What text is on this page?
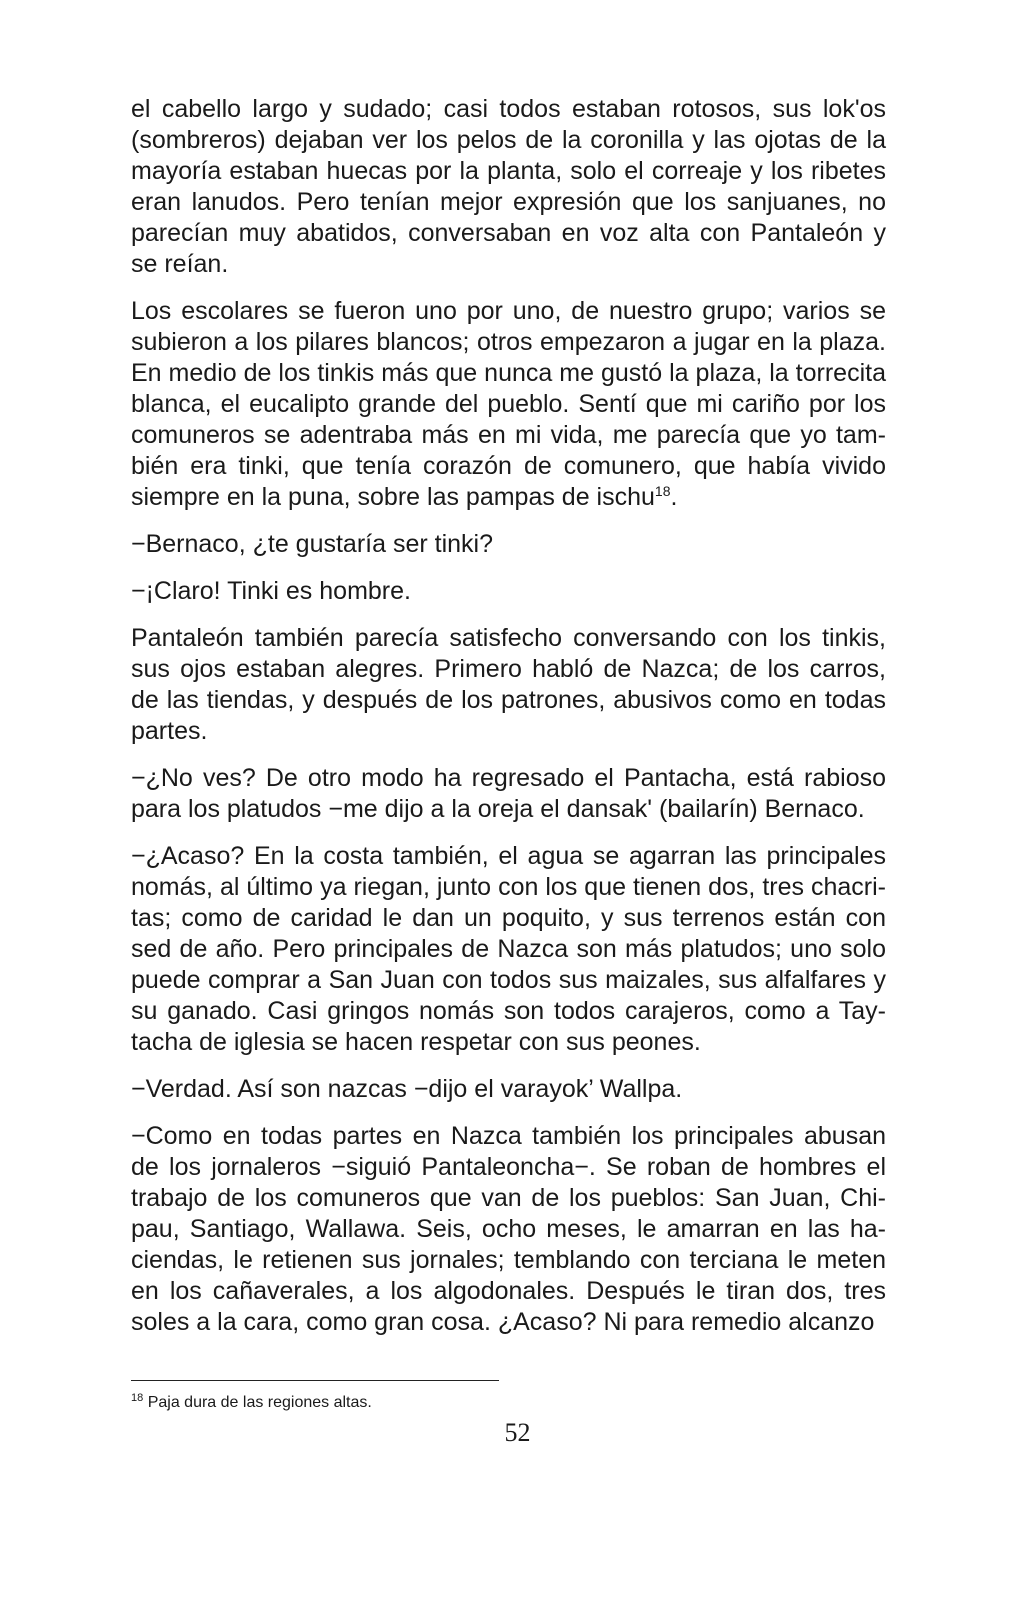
el cabello largo y sudado; casi todos estaban rotosos, sus lok'os (sombreros) dejaban ver los pelos de la coronilla y las ojotas de la mayoría estaban huecas por la planta, solo el correaje y los ribetes eran lanudos. Pero tenían mejor expresión que los sanjuanes, no parecían muy abatidos, conversaban en voz alta con Pantaleón y se reían.

Los escolares se fueron uno por uno, de nuestro grupo; varios se subieron a los pilares blancos; otros empezaron a jugar en la plaza. En medio de los tinkis más que nunca me gustó la plaza, la torrecita blanca, el eucalipto grande del pueblo. Sentí que mi cariño por los comuneros se adentraba más en mi vida, me parecía que yo también era tinki, que tenía corazón de comunero, que había vivido siempre en la puna, sobre las pampas de ischu$^{18}$.

−Bernaco, ¿te gustaría ser tinki?

−¡Claro! Tinki es hombre.

Pantaleón también parecía satisfecho conversando con los tinkis, sus ojos estaban alegres. Primero habló de Nazca; de los carros, de las tiendas, y después de los patrones, abusivos como en todas partes.

−¿No ves? De otro modo ha regresado el Pantacha, está rabioso para los platudos −me dijo a la oreja el dansak' (bailarín) Bernaco.

−¿Acaso? En la costa también, el agua se agarran las principales nomás, al último ya riegan, junto con los que tienen dos, tres chacritas; como de caridad le dan un poquito, y sus terrenos están con sed de año. Pero principales de Nazca son más platudos; uno solo puede comprar a San Juan con todos sus maizales, sus alfalfares y su ganado. Casi gringos nomás son todos carajeros, como a Taytacha de iglesia se hacen respetar con sus peones.

−Verdad. Así son nazcas −dijo el varayok’ Wallpa.

−Como en todas partes en Nazca también los principales abusan de los jornaleros −siguió Pantaleoncha−. Se roban de hombres el trabajo de los comuneros que van de los pueblos: San Juan, Chipau, Santiago, Wallawa. Seis, ocho meses, le amarran en las haciendas, le retienen sus jornales; temblando con terciana le meten en los cañaverales, a los algodonales. Después le tiran dos, tres soles a la cara, como gran cosa. ¿Acaso? Ni para remedio alcanzo

$^{18}$ Paja dura de las regiones altas.
52
